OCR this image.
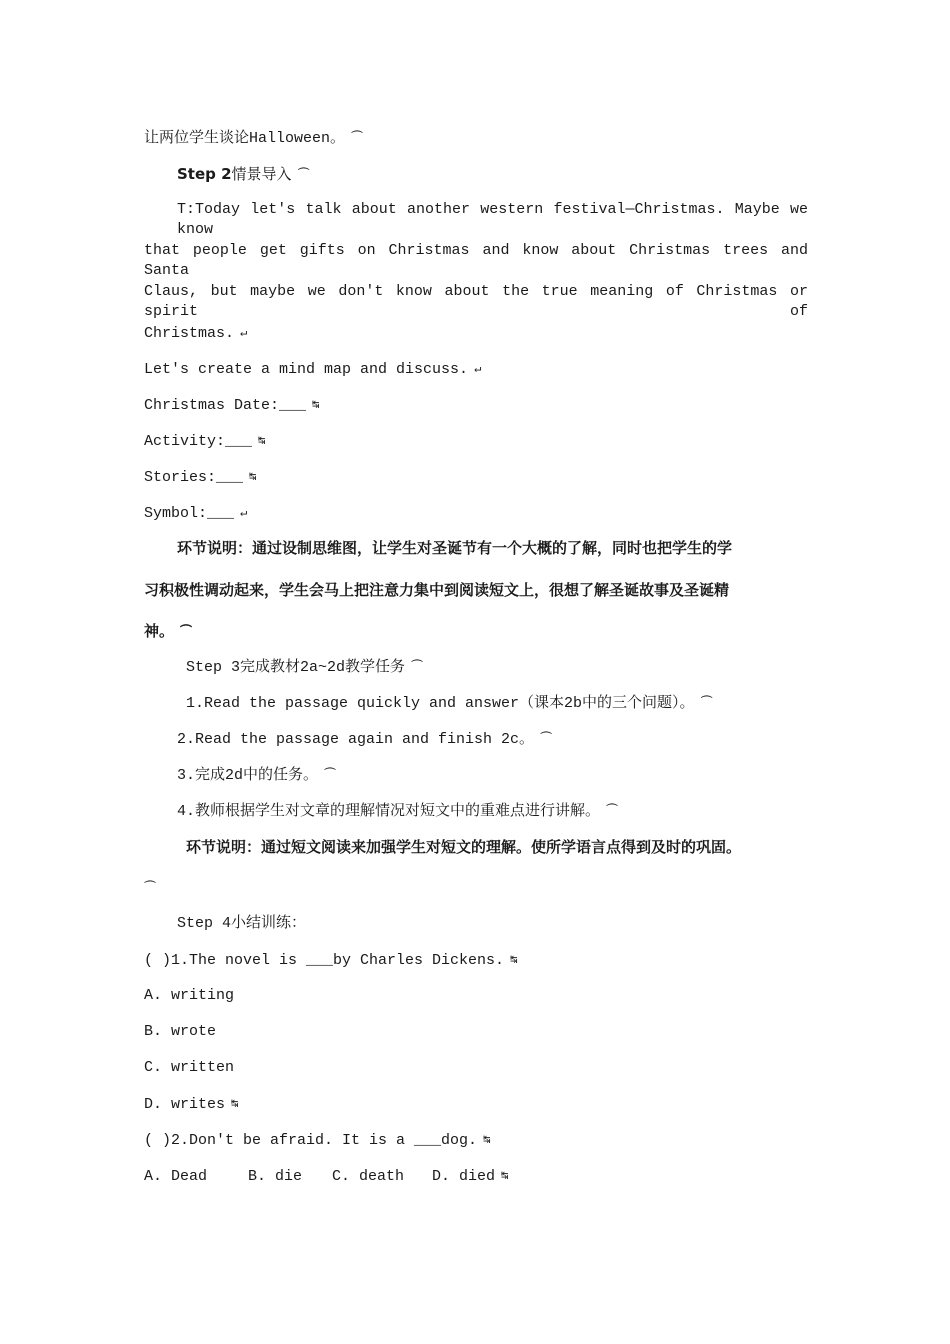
让两位学生谈论Halloween。 ⏜
Step 2情景导入 ⏜
T:Today let's talk about another western festival—Christmas. Maybe we know
that people get gifts on Christmas and know about Christmas trees and Santa
Claus, but maybe we don't know about the true meaning of Christmas or spirit of
Christmas. ↵
Let's create a mind map and discuss. ↵
Christmas Date:___ ↹
Activity:___ ↹
Stories:___ ↹
Symbol:___ ↵
环节说明：通过设制思维图，让学生对圣诞节有一个大概的了解，同时也把学生的学
习积极性调动起来，学生会马上把注意力集中到阅读短文上，很想了解圣诞故事及圣诞精
神。 ⏜
Step 3完成教材2a~2d教学任务 ⏜
1.Read the passage quickly and answer（课本2b中的三个问题）。 ⏜
2.Read the passage again and finish 2c。 ⏜
3.完成2d中的任务。 ⏜
4.教师根据学生对文章的理解情况对短文中的重难点进行讲解。 ⏜
环节说明：通过短文阅读来加强学生对短文的理解。使所学语言点得到及时的巩固。
⏜
Step 4小结训练：
( )1.The novel is ___by Charles Dickens. ↹
A. writing
B. wrote
C. written
D. writes ↹
( )2.Don't be afraid. It is a ___dog. ↹
A. Dead	B. die C. death D. died ↹
